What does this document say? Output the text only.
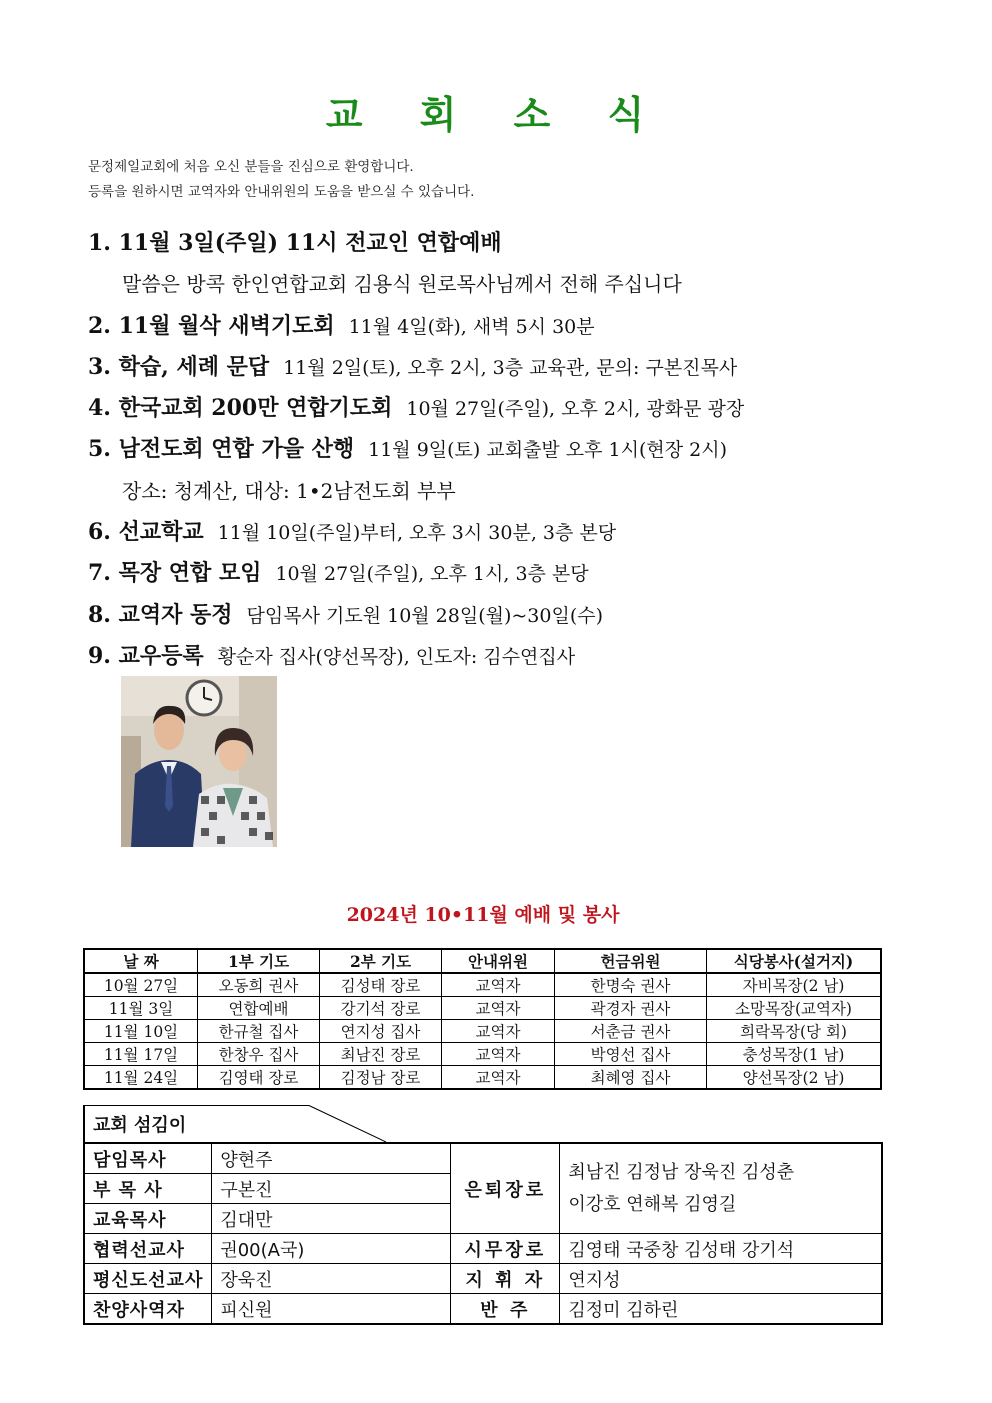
교 회 소 식
문정제일교회에 처음 오신 분들을 진심으로 환영합니다.
등록을 원하시면 교역자와 안내위원의 도움을 받으실 수 있습니다.
1. 11월 3일(주일) 11시 전교인 연합예배
말씀은 방콕 한인연합교회 김용식 원로목사님께서 전해 주십니다
2. 11월 월삭 새벽기도회 11월 4일(화), 새벽 5시 30분
3. 학습, 세례 문답 11월 2일(토), 오후 2시, 3층 교육관, 문의: 구본진목사
4. 한국교회 200만 연합기도회 10월 27일(주일), 오후 2시, 광화문 광장
5. 남전도회 연합 가을 산행 11월 9일(토) 교회출발 오후 1시(현장 2시)
장소: 청계산, 대상: 1•2남전도회 부부
6. 선교학교 11월 10일(주일)부터, 오후 3시 30분, 3층 본당
7. 목장 연합 모임 10월 27일(주일), 오후 1시, 3층 본당
8. 교역자 동정 담임목사 기도원 10월 28일(월)~30일(수)
9. 교우등록 황순자 집사(양선목장), 인도자: 김수연집사
2024년 10•11월 예배 및 봉사
날 짜	1부 기도	2부 기도	안내위원	헌금위원	식당봉사(설거지)
10월 27일	오동희 권사	김성태 장로	교역자	한명숙 권사	자비목장(2 남)
11월 3일	연합예배	강기석 장로	교역자	곽경자 권사	소망목장(교역자)
11월 10일	한규철 집사	연지성 집사	교역자	서춘금 권사	희락목장(당 회)
11월 17일	한창우 집사	최남진 장로	교역자	박영선 집사	충성목장(1 남)
11월 24일	김영태 장로	김정남 장로	교역자	최혜영 집사	양선목장(2 남)
교회 섬김이
담임목사	양현주	은퇴장로	최남진 김정남 장욱진 김성춘
이강호 연해복 김영길

부 목 사	구본진		
교육목사	김대만		
협력선교사	권00(A국)	시무장로	김영태 국중창 김성태 강기석
평신도선교사	장욱진	지 휘 자	연지성
찬양사역자	피신원	반 주	김정미 김하린
